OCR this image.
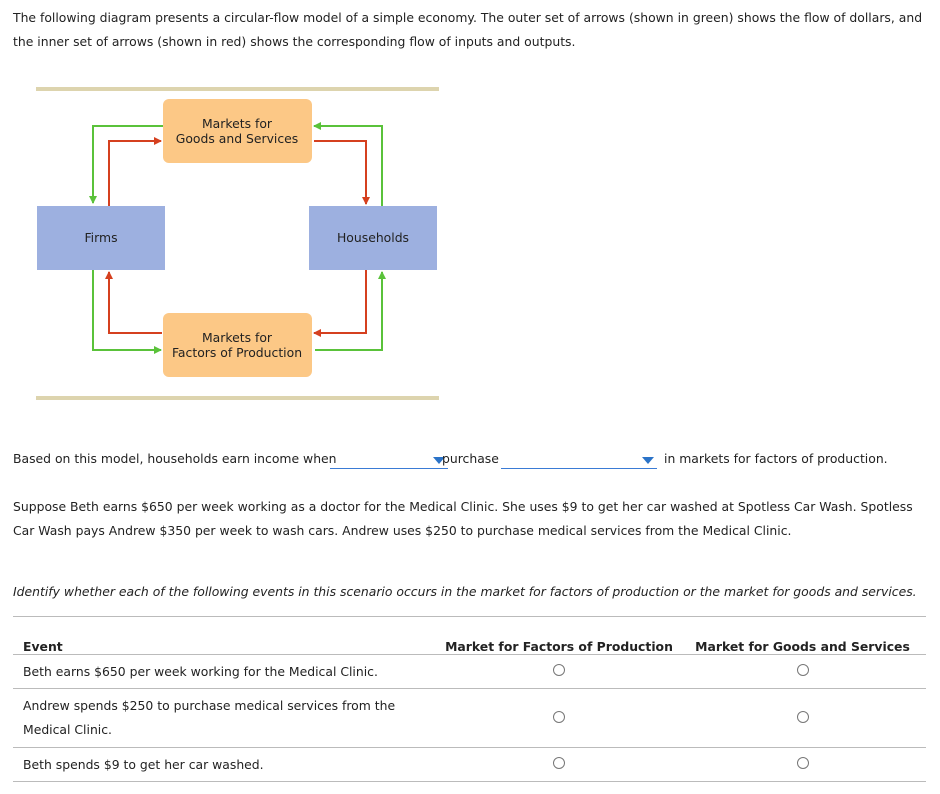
The following diagram presents a circular-flow model of a simple economy. The outer set of arrows (shown in green) shows the flow of dollars, and the inner set of arrows (shown in red) shows the corresponding flow of inputs and outputs.

Firms	Households
Markets for
Goods and Services
Markets for
Factors of Production
Based on this model, households earn income when	purchase	in markets for factors of production.

Suppose Beth earns $650 per week working as a doctor for the Medical Clinic. She uses $9 to get her car washed at Spotless Car Wash. Spotless Car Wash pays Andrew $350 per week to wash cars. Andrew uses $250 to purchase medical services from the Medical Clinic.

Identify whether each of the following events in this scenario occurs in the market for factors of production or the market for goods and services.

Event	Market for Factors of Production	Market for Goods and Services
Beth earns $650 per week working for the Medical Clinic.		
Andrew spends $250 to purchase medical services from the Medical Clinic.		
Beth spends $9 to get her car washed.		
